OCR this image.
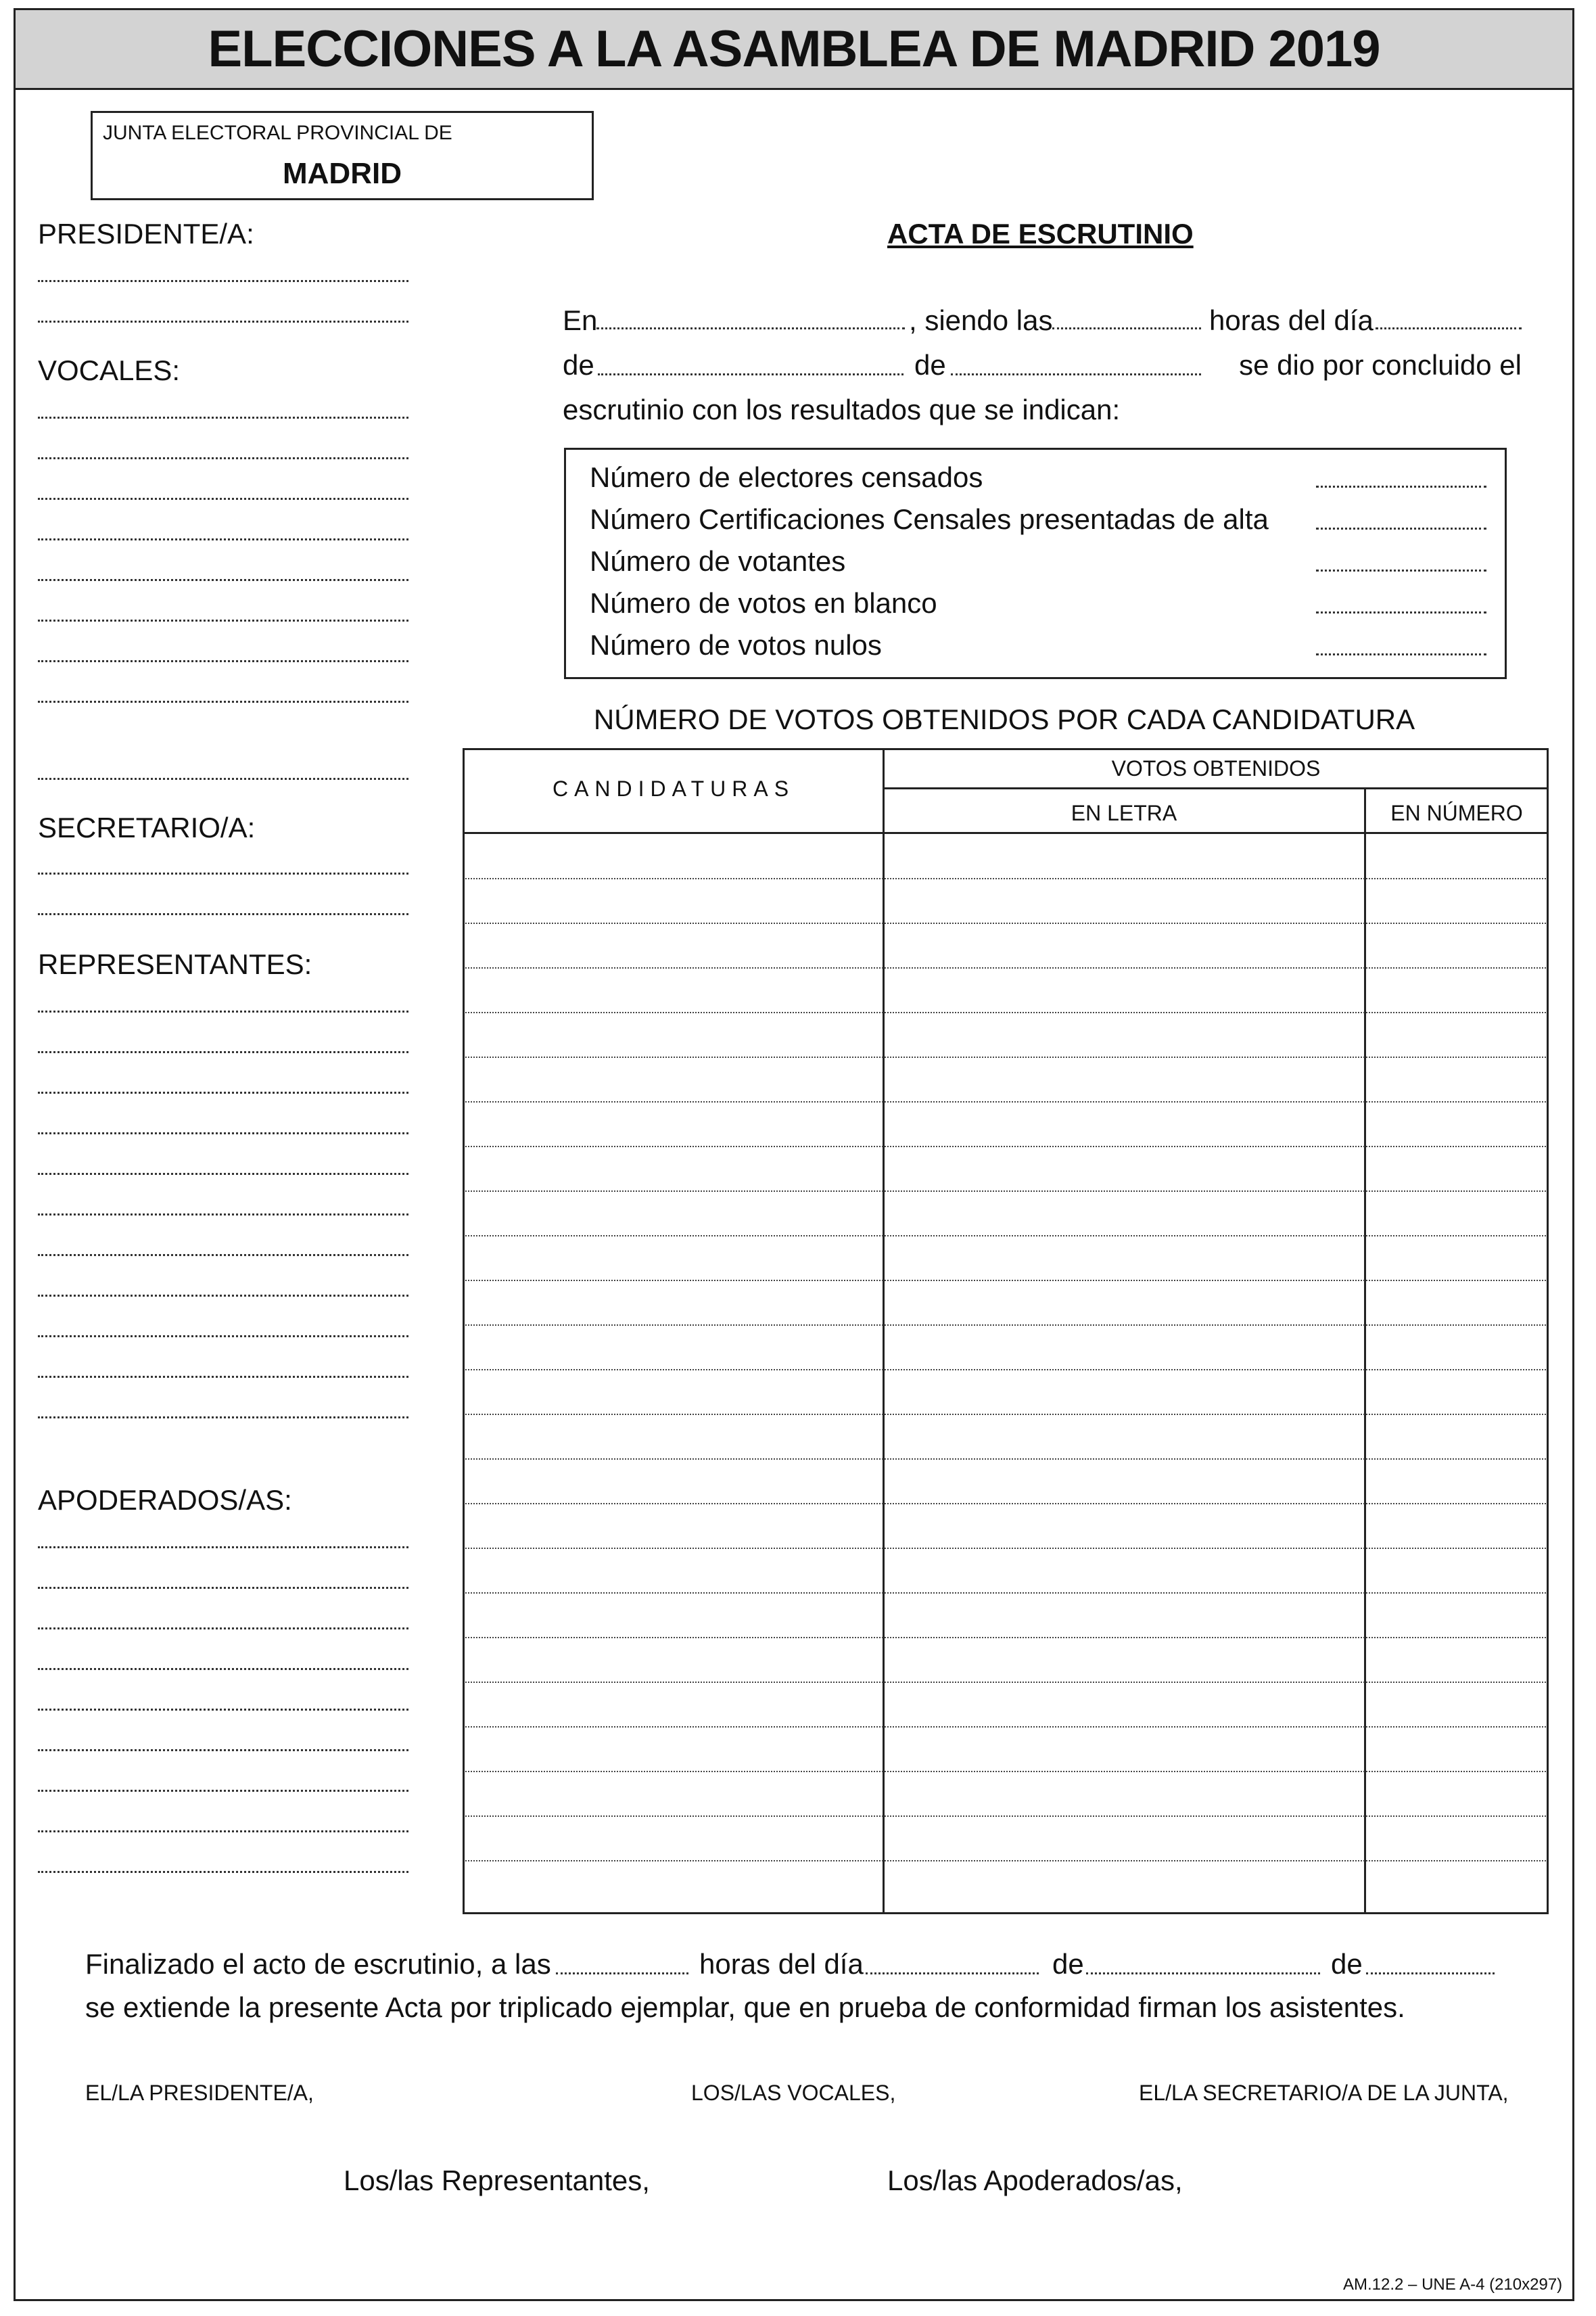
ELECCIONES A LA ASAMBLEA DE MADRID 2019
JUNTA ELECTORAL PROVINCIAL DE
MADRID
PRESIDENTE/A:
VOCALES:
SECRETARIO/A:
REPRESENTANTES:
APODERADOS/AS:
ACTA DE ESCRUTINIO
En	, siendo las	horas del día
de	de	se dio por concluido el
escrutinio con los resultados que se indican:
Número de electores censados
Número Certificaciones Censales presentadas de alta
Número de votantes
Número de votos en blanco
Número de votos nulos
NÚMERO DE VOTOS OBTENIDOS POR CADA CANDIDATURA
CANDIDATURAS
VOTOS OBTENIDOS
EN LETRA	EN NÚMERO
Finalizado el acto de escrutinio, a las	horas del día	de	de
se extiende la presente Acta por triplicado ejemplar, que en prueba de conformidad firman los asistentes.
EL/LA PRESIDENTE/A,	LOS/LAS VOCALES,	EL/LA SECRETARIO/A DE LA JUNTA,
Los/las Representantes,	Los/las Apoderados/as,
AM.12.2 – UNE A-4 (210x297)
